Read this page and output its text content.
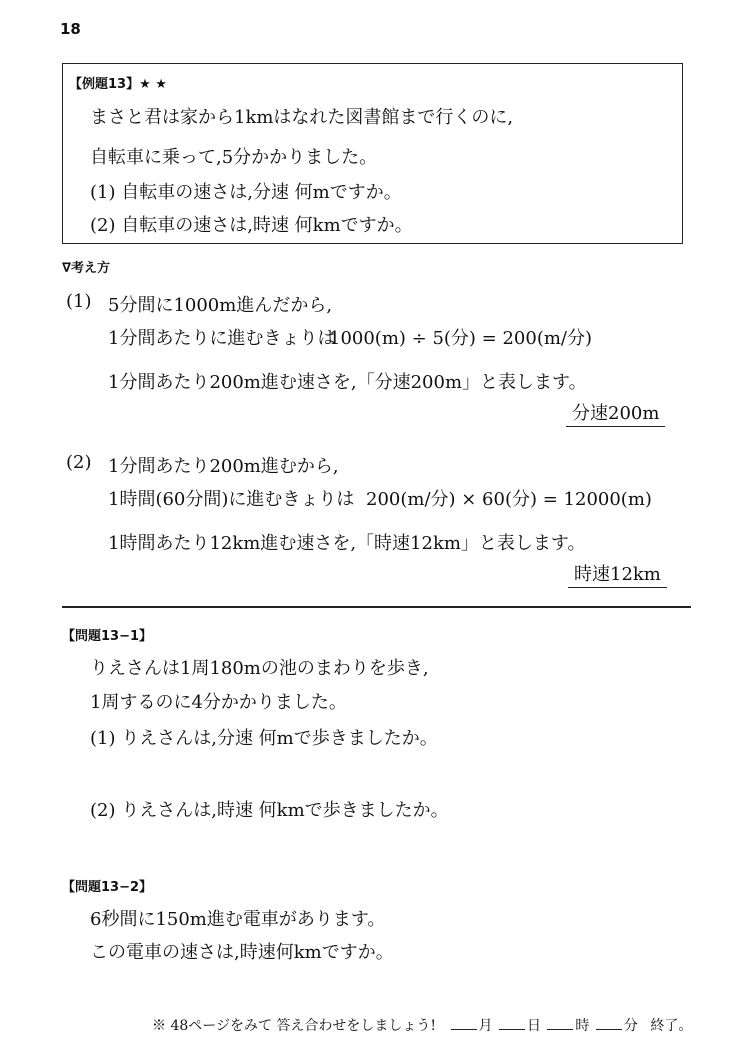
18
【例題13】★ ★
まさと君は家から1kmはなれた図書館まで行くのに,
自転車に乗って,5分かかりました。
(1) 自転車の速さは,分速 何mですか。
(2) 自転車の速さは,時速 何kmですか。
∇考え方
(1) 5分間に1000m進んだから,
1分間あたりに進むきょりは
1000(m) ÷ 5(分) = 200(m/分)
1分間あたり200m進む速さを,「分速200m」と表します。
分速200m
(2) 1分間あたり200m進むから,
1時間(60分間)に進むきょりは 200(m/分) × 60(分) = 12000(m)
1時間あたり12km進む速さを,「時速12km」と表します。
時速12km
【問題13−1】
りえさんは1周180mの池のまわりを歩き,
1周するのに4分かかりました。
(1) りえさんは,分速 何mで歩きましたか。
(2) りえさんは,時速 何kmで歩きましたか。
【問題13−2】
6秒間に150m進む電車があります。
この電車の速さは,時速何kmですか。
※ 48ページをみて 答え合わせをしましょう!	月 日 時 分 終了。
